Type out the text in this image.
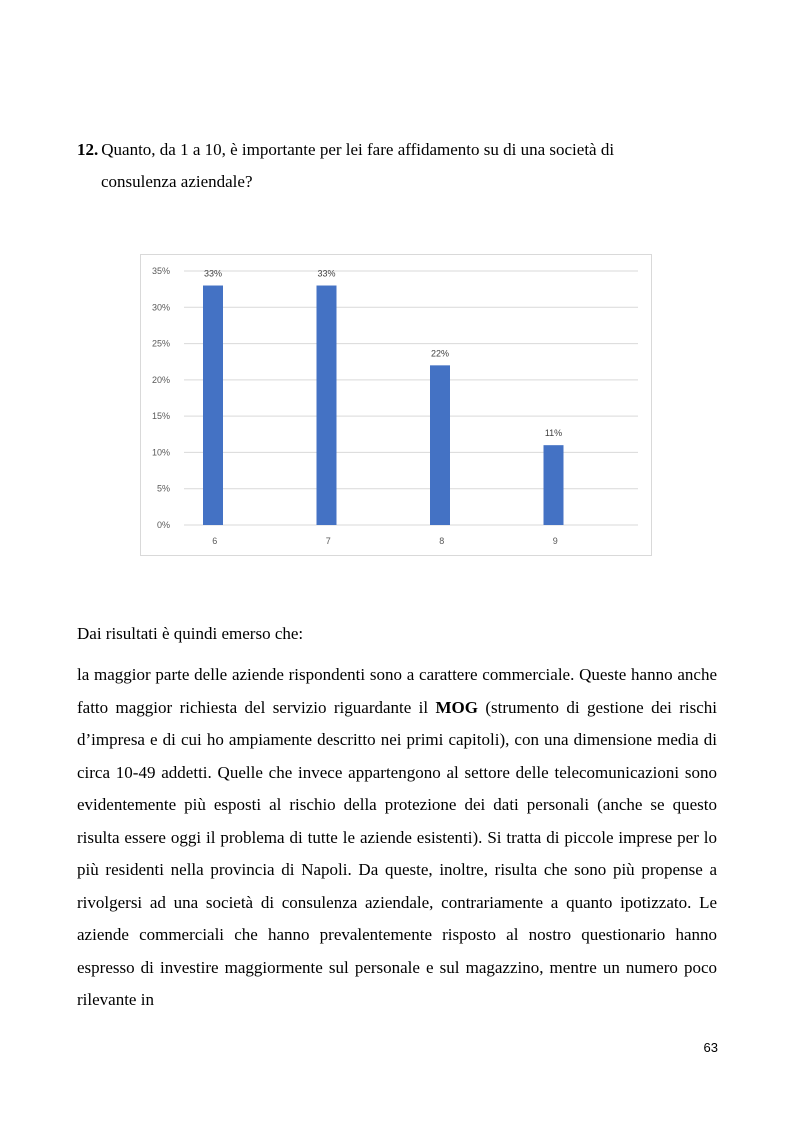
12. Quanto, da 1 a 10, è importante per lei fare affidamento su di una società di
consulenza aziendale?
0%
5%
10%
15%
20%
25%
30%
35%	33%
6
33%
7
22%
8
11%
9
Dai risultati è quindi emerso che:
la maggior parte delle aziende rispondenti sono a carattere commerciale. Queste hanno anche fatto maggior richiesta del servizio riguardante il MOG (strumento di gestione dei rischi d’impresa e di cui ho ampiamente descritto nei primi capitoli), con una dimensione media di circa 10-49 addetti. Quelle che invece appartengono al settore delle telecomunicazioni sono evidentemente più esposti al rischio della protezione dei dati personali (anche se questo risulta essere oggi il problema di tutte le aziende esistenti). Si tratta di piccole imprese per lo più residenti nella provincia di Napoli. Da queste, inoltre, risulta che sono più propense a rivolgersi ad una società di consulenza aziendale, contrariamente a quanto ipotizzato. Le aziende commerciali che hanno prevalentemente risposto al nostro questionario hanno espresso di investire maggiormente sul personale e sul magazzino, mentre un numero poco rilevante in
63
